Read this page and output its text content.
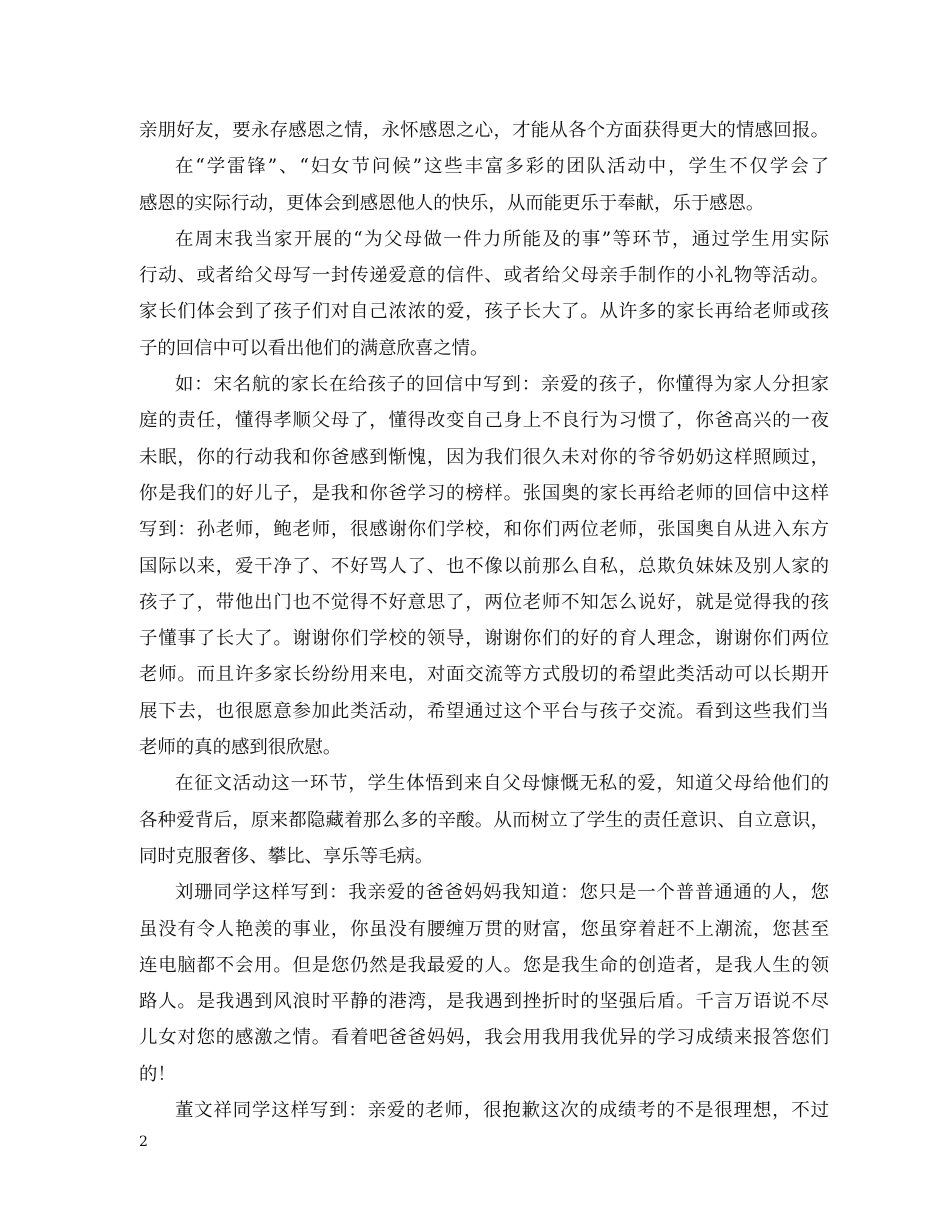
亲朋好友，要永存感恩之情，永怀感恩之心，才能从各个方面获得更大的情感回报。
在“学雷锋”、“妇女节问候”这些丰富多彩的团队活动中，学生不仅学会了
感恩的实际行动，更体会到感恩他人的快乐，从而能更乐于奉献，乐于感恩。
在周末我当家开展的“为父母做一件力所能及的事”等环节，通过学生用实际
行动、或者给父母写一封传递爱意的信件、或者给父母亲手制作的小礼物等活动。
家长们体会到了孩子们对自己浓浓的爱，孩子长大了。从许多的家长再给老师或孩
子的回信中可以看出他们的满意欣喜之情。
如：宋名航的家长在给孩子的回信中写到：亲爱的孩子，你懂得为家人分担家
庭的责任，懂得孝顺父母了，懂得改变自己身上不良行为习惯了，你爸高兴的一夜
未眠，你的行动我和你爸感到惭愧，因为我们很久未对你的爷爷奶奶这样照顾过，
你是我们的好儿子，是我和你爸学习的榜样。张国奥的家长再给老师的回信中这样
写到：孙老师，鲍老师，很感谢你们学校，和你们两位老师，张国奥自从进入东方
国际以来，爱干净了、不好骂人了、也不像以前那么自私，总欺负妹妹及别人家的
孩子了，带他出门也不觉得不好意思了，两位老师不知怎么说好，就是觉得我的孩
子懂事了长大了。谢谢你们学校的领导，谢谢你们的好的育人理念，谢谢你们两位
老师。而且许多家长纷纷用来电，对面交流等方式殷切的希望此类活动可以长期开
展下去，也很愿意参加此类活动，希望通过这个平台与孩子交流。看到这些我们当
老师的真的感到很欣慰。
在征文活动这一环节，学生体悟到来自父母慷慨无私的爱，知道父母给他们的
各种爱背后，原来都隐藏着那么多的辛酸。从而树立了学生的责任意识、自立意识，
同时克服奢侈、攀比、享乐等毛病。
刘珊同学这样写到：我亲爱的爸爸妈妈我知道：您只是一个普普通通的人，您
虽没有令人艳羡的事业，你虽没有腰缠万贯的财富，您虽穿着赶不上潮流，您甚至
连电脑都不会用。但是您仍然是我最爱的人。您是我生命的创造者，是我人生的领
路人。是我遇到风浪时平静的港湾，是我遇到挫折时的坚强后盾。千言万语说不尽
儿女对您的感激之情。看着吧爸爸妈妈，我会用我用我优异的学习成绩来报答您们
的！
董文祥同学这样写到：亲爱的老师，很抱歉这次的成绩考的不是很理想，不过
2
